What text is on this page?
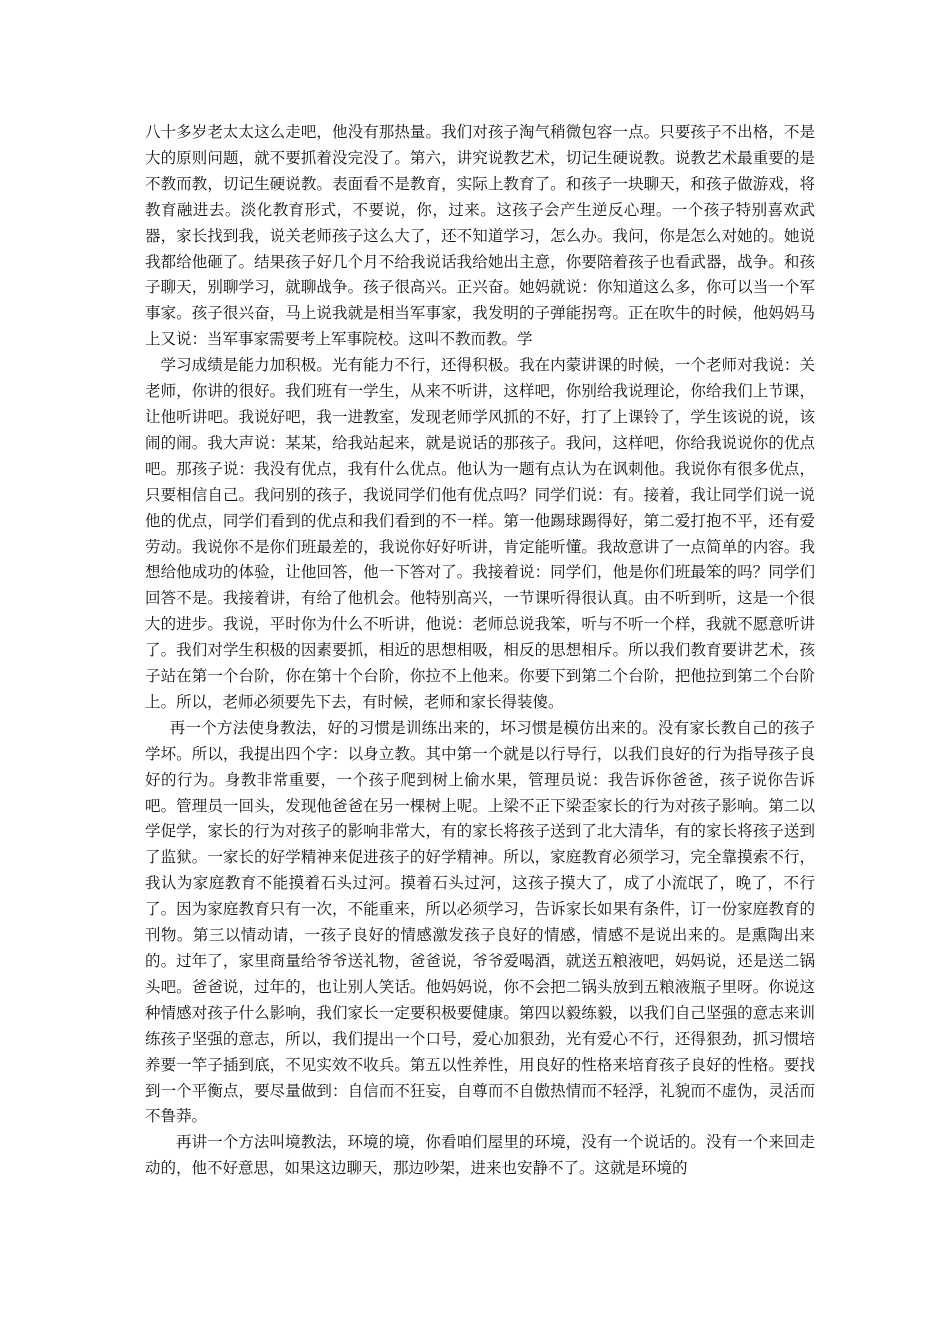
八十多岁老太太这么走吧，他没有那热量。我们对孩子淘气稍微包容一点。只要孩子不出格，不是大的原则问题，就不要抓着没完没了。第六，讲究说教艺术，切记生硬说教。说教艺术最重要的是不教而教，切记生硬说教。表面看不是教育，实际上教育了。和孩子一块聊天，和孩子做游戏，将教育融进去。淡化教育形式，不要说，你，过来。这孩子会产生逆反心理。一个孩子特别喜欢武器，家长找到我，说关老师孩子这么大了，还不知道学习，怎么办。我问，你是怎么对她的。她说我都给他砸了。结果孩子好几个月不给我说话我给她出主意，你要陪着孩子也看武器，战争。和孩子聊天，别聊学习，就聊战争。孩子很高兴。正兴奋。她妈就说：你知道这么多，你可以当一个军事家。孩子很兴奋，马上说我就是相当军事家，我发明的子弹能拐弯。正在吹牛的时候，他妈妈马上又说：当军事家需要考上军事院校。这叫不教而教。学

学习成绩是能力加积极。光有能力不行，还得积极。我在内蒙讲课的时候，一个老师对我说：关老师，你讲的很好。我们班有一学生，从来不听讲，这样吧，你别给我说理论，你给我们上节课，让他听讲吧。我说好吧，我一进教室，发现老师学风抓的不好，打了上课铃了，学生该说的说，该闹的闹。我大声说：某某，给我站起来，就是说话的那孩子。我问，这样吧，你给我说说你的优点吧。那孩子说：我没有优点，我有什么优点。他认为一题有点认为在讽刺他。我说你有很多优点，只要相信自己。我问别的孩子，我说同学们他有优点吗？同学们说：有。接着，我让同学们说一说他的优点，同学们看到的优点和我们看到的不一样。第一他踢球踢得好，第二爱打抱不平，还有爱劳动。我说你不是你们班最差的，我说你好好听讲，肯定能听懂。我故意讲了一点简单的内容。我想给他成功的体验，让他回答，他一下答对了。我接着说：同学们，他是你们班最笨的吗？同学们回答不是。我接着讲，有给了他机会。他特别高兴，一节课听得很认真。由不听到听，这是一个很大的进步。我说，平时你为什么不听讲，他说：老师总说我笨，听与不听一个样，我就不愿意听讲了。我们对学生积极的因素要抓，相近的思想相吸，相反的思想相斥。所以我们教育要讲艺术，孩子站在第一个台阶，你在第十个台阶，你拉不上他来。你要下到第二个台阶，把他拉到第二个台阶上。所以，老师必须要先下去，有时候，老师和家长得装傻。

再一个方法使身教法，好的习惯是训练出来的，坏习惯是模仿出来的。没有家长教自己的孩子学坏。所以，我提出四个字：以身立教。其中第一个就是以行导行，以我们良好的行为指导孩子良好的行为。身教非常重要，一个孩子爬到树上偷水果，管理员说：我告诉你爸爸，孩子说你告诉吧。管理员一回头，发现他爸爸在另一棵树上呢。上梁不正下梁歪家长的行为对孩子影响。第二以学促学，家长的行为对孩子的影响非常大，有的家长将孩子送到了北大清华，有的家长将孩子送到了监狱。一家长的好学精神来促进孩子的好学精神。所以，家庭教育必须学习，完全靠摸索不行，我认为家庭教育不能摸着石头过河。摸着石头过河，这孩子摸大了，成了小流氓了，晚了，不行了。因为家庭教育只有一次，不能重来，所以必须学习，告诉家长如果有条件，订一份家庭教育的刊物。第三以情动请，一孩子良好的情感激发孩子良好的情感，情感不是说出来的。是熏陶出来的。过年了，家里商量给爷爷送礼物，爸爸说，爷爷爱喝酒，就送五粮液吧，妈妈说，还是送二锅头吧。爸爸说，过年的，也让别人笑话。他妈妈说，你不会把二锅头放到五粮液瓶子里呀。你说这种情感对孩子什么影响，我们家长一定要积极要健康。第四以毅练毅，以我们自己坚强的意志来训练孩子坚强的意志，所以，我们提出一个口号，爱心加狠劲，光有爱心不行，还得狠劲，抓习惯培养要一竿子插到底，不见实效不收兵。第五以性养性，用良好的性格来培育孩子良好的性格。要找到一个平衡点，要尽量做到：自信而不狂妄，自尊而不自傲热情而不轻浮，礼貌而不虚伪，灵活而不鲁莽。

再讲一个方法叫境教法，环境的境，你看咱们屋里的环境，没有一个说话的。没有一个来回走动的，他不好意思，如果这边聊天，那边吵架，进来也安静不了。这就是环境的
